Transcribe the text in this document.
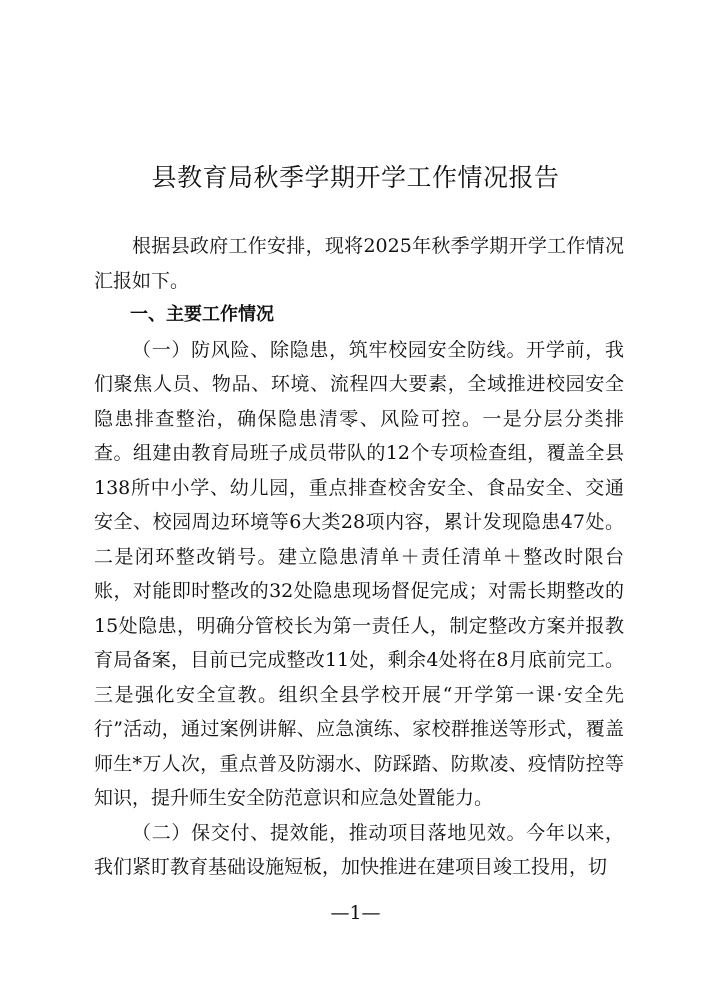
县教育局秋季学期开学工作情况报告

根据县政府工作安排，现将2025年秋季学期开学工作情况汇报如下。

一、主要工作情况

（一）防风险、除隐患，筑牢校园安全防线。开学前，我们聚焦人员、物品、环境、流程四大要素，全域推进校园安全隐患排查整治，确保隐患清零、风险可控。一是分层分类排查。组建由教育局班子成员带队的12个专项检查组，覆盖全县138所中小学、幼儿园，重点排查校舍安全、食品安全、交通安全、校园周边环境等6大类28项内容，累计发现隐患47处。二是闭环整改销号。建立隐患清单＋责任清单＋整改时限台账，对能即时整改的32处隐患现场督促完成；对需长期整改的15处隐患，明确分管校长为第一责任人，制定整改方案并报教育局备案，目前已完成整改11处，剩余4处将在8月底前完工。三是强化安全宣教。组织全县学校开展“开学第一课·安全先行”活动，通过案例讲解、应急演练、家校群推送等形式，覆盖师生*万人次，重点普及防溺水、防踩踏、防欺凌、疫情防控等知识，提升师生安全防范意识和应急处置能力。

（二）保交付、提效能，推动项目落地见效。今年以来，我们紧盯教育基础设施短板，加快推进在建项目竣工投用，切

—1—
